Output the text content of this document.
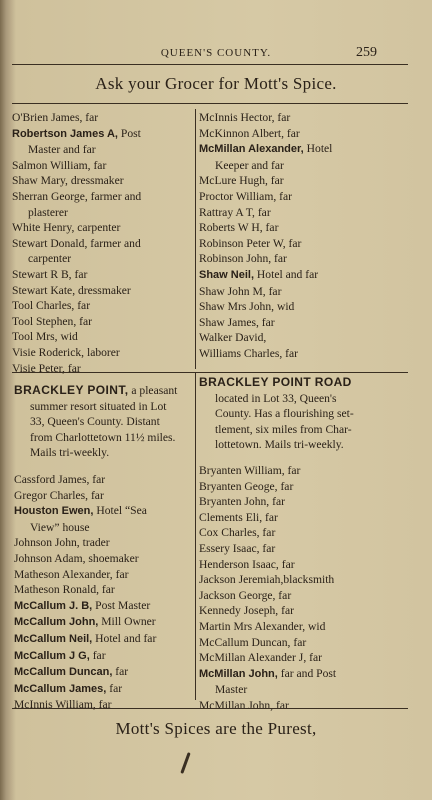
QUEEN'S COUNTY.	259
Ask your Grocer for Mott's Spice.
O'Brien James, far
Robertson James A, Post
Master and far
Salmon William, far
Shaw Mary, dressmaker
Sherran George, farmer and
plasterer
White Henry, carpenter
Stewart Donald, farmer and
carpenter
Stewart R B, far
Stewart Kate, dressmaker
Tool Charles, far
Tool Stephen, far
Tool Mrs, wid
Visie Roderick, laborer
Visie Peter, far
McInnis Hector, far
McKinnon Albert, far
McMillan Alexander, Hotel
Keeper and far
McLure Hugh, far
Proctor William, far
Rattray A T, far
Roberts W H, far
Robinson Peter W, far
Robinson John, far
Shaw Neil, Hotel and far
Shaw John M, far
Shaw Mrs John, wid
Shaw James, far
Walker David,
Williams Charles, far
BRACKLEY POINT, a pleasant
summer resort situated in Lot
33, Queen's County. Distant
from Charlottetown 11½ miles.
Mails tri-weekly.
BRACKLEY POINT ROAD
located in Lot 33, Queen's
County. Has a flourishing set-
tlement, six miles from Char-
lottetown. Mails tri-weekly.
Cassford James, far
Gregor Charles, far
Houston Ewen, Hotel “Sea
View” house
Johnson John, trader
Johnson Adam, shoemaker
Matheson Alexander, far
Matheson Ronald, far
McCallum J. B, Post Master
McCallum John, Mill Owner
McCallum Neil, Hotel and far
McCallum J G, far
McCallum Duncan, far
McCallum James, far
McInnis William, far
Bryanten William, far
Bryanten Geoge, far
Bryanten John, far
Clements Eli, far
Cox Charles, far
Essery Isaac, far
Henderson Isaac, far
Jackson Jeremiah,blacksmith
Jackson George, far
Kennedy Joseph, far
Martin Mrs Alexander, wid
McCallum Duncan, far
McMillan Alexander J, far
McMillan John, far and Post
Master
McMillan John, far
Mott's Spices are the Purest,
